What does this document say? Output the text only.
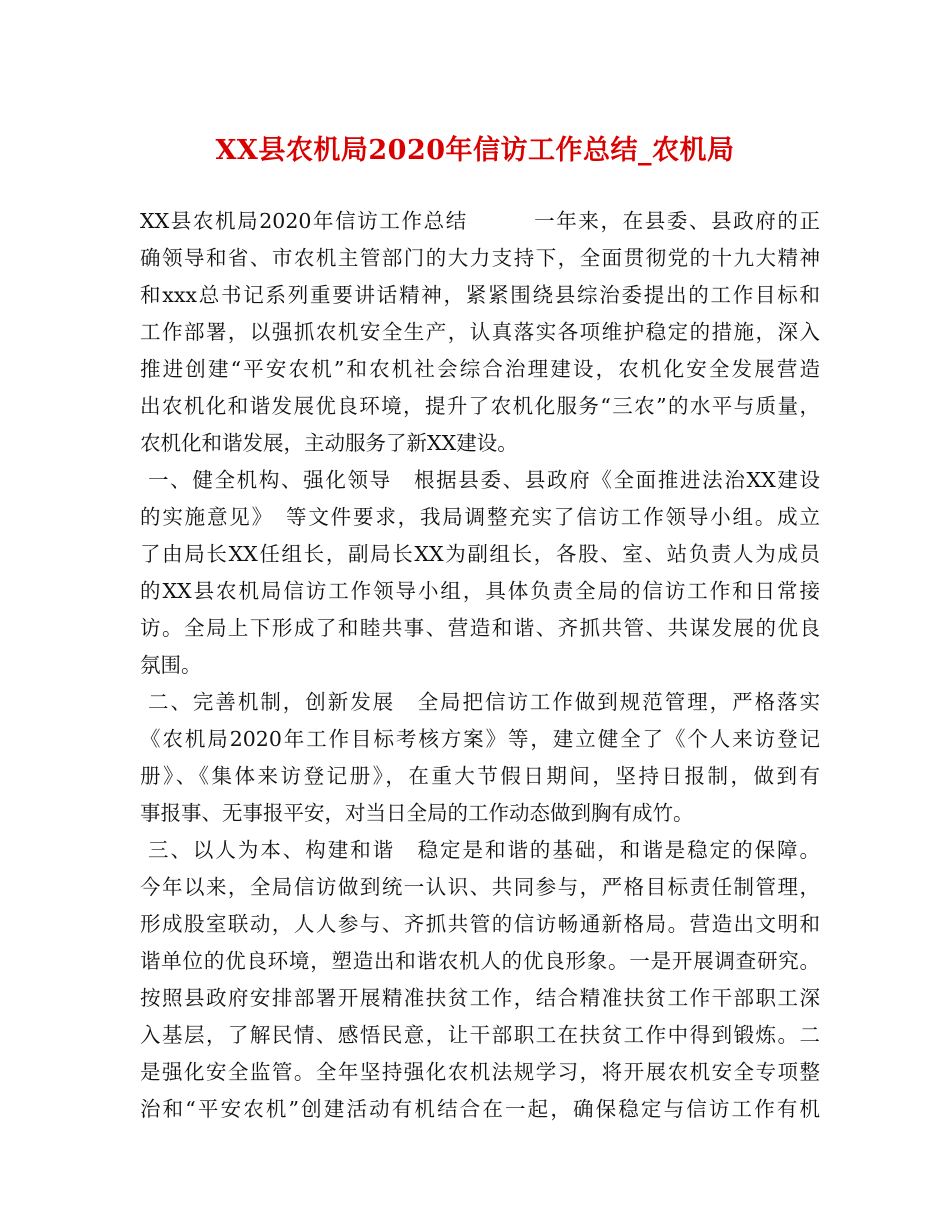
XX县农机局2020年信访工作总结_农机局
XX县农机局2020年信访工作总结　　　一年来，在县委、县政府的正
确领导和省、市农机主管部门的大力支持下，全面贯彻党的十九大精神
和xxx总书记系列重要讲话精神，紧紧围绕县综治委提出的工作目标和
工作部署，以强抓农机安全生产，认真落实各项维护稳定的措施，深入
推进创建“平安农机”和农机社会综合治理建设，农机化安全发展营造
出农机化和谐发展优良环境，提升了农机化服务“三农”的水平与质量，
农机化和谐发展，主动服务了新XX建设。
一、健全机构、强化领导　根据县委、县政府《全面推进法治XX建设
的实施意见》　等文件要求，我局调整充实了信访工作领导小组。成立
了由局长XX任组长，副局长XX为副组长，各股、室、站负责人为成员
的XX县农机局信访工作领导小组，具体负责全局的信访工作和日常接
访。全局上下形成了和睦共事、营造和谐、齐抓共管、共谋发展的优良
氛围。
二、完善机制，创新发展　全局把信访工作做到规范管理，严格落实
《农机局2020年工作目标考核方案》等，建立健全了《个人来访登记
册》、《集体来访登记册》，在重大节假日期间，坚持日报制，做到有
事报事、无事报平安，对当日全局的工作动态做到胸有成竹。
三、以人为本、构建和谐　稳定是和谐的基础，和谐是稳定的保障。
今年以来，全局信访做到统一认识、共同参与，严格目标责任制管理，
形成股室联动，人人参与、齐抓共管的信访畅通新格局。营造出文明和
谐单位的优良环境，塑造出和谐农机人的优良形象。一是开展调查研究。
按照县政府安排部署开展精准扶贫工作，结合精准扶贫工作干部职工深
入基层，了解民情、感悟民意，让干部职工在扶贫工作中得到锻炼。二
是强化安全监管。全年坚持强化农机法规学习，将开展农机安全专项整
治和“平安农机”创建活动有机结合在一起，确保稳定与信访工作有机
